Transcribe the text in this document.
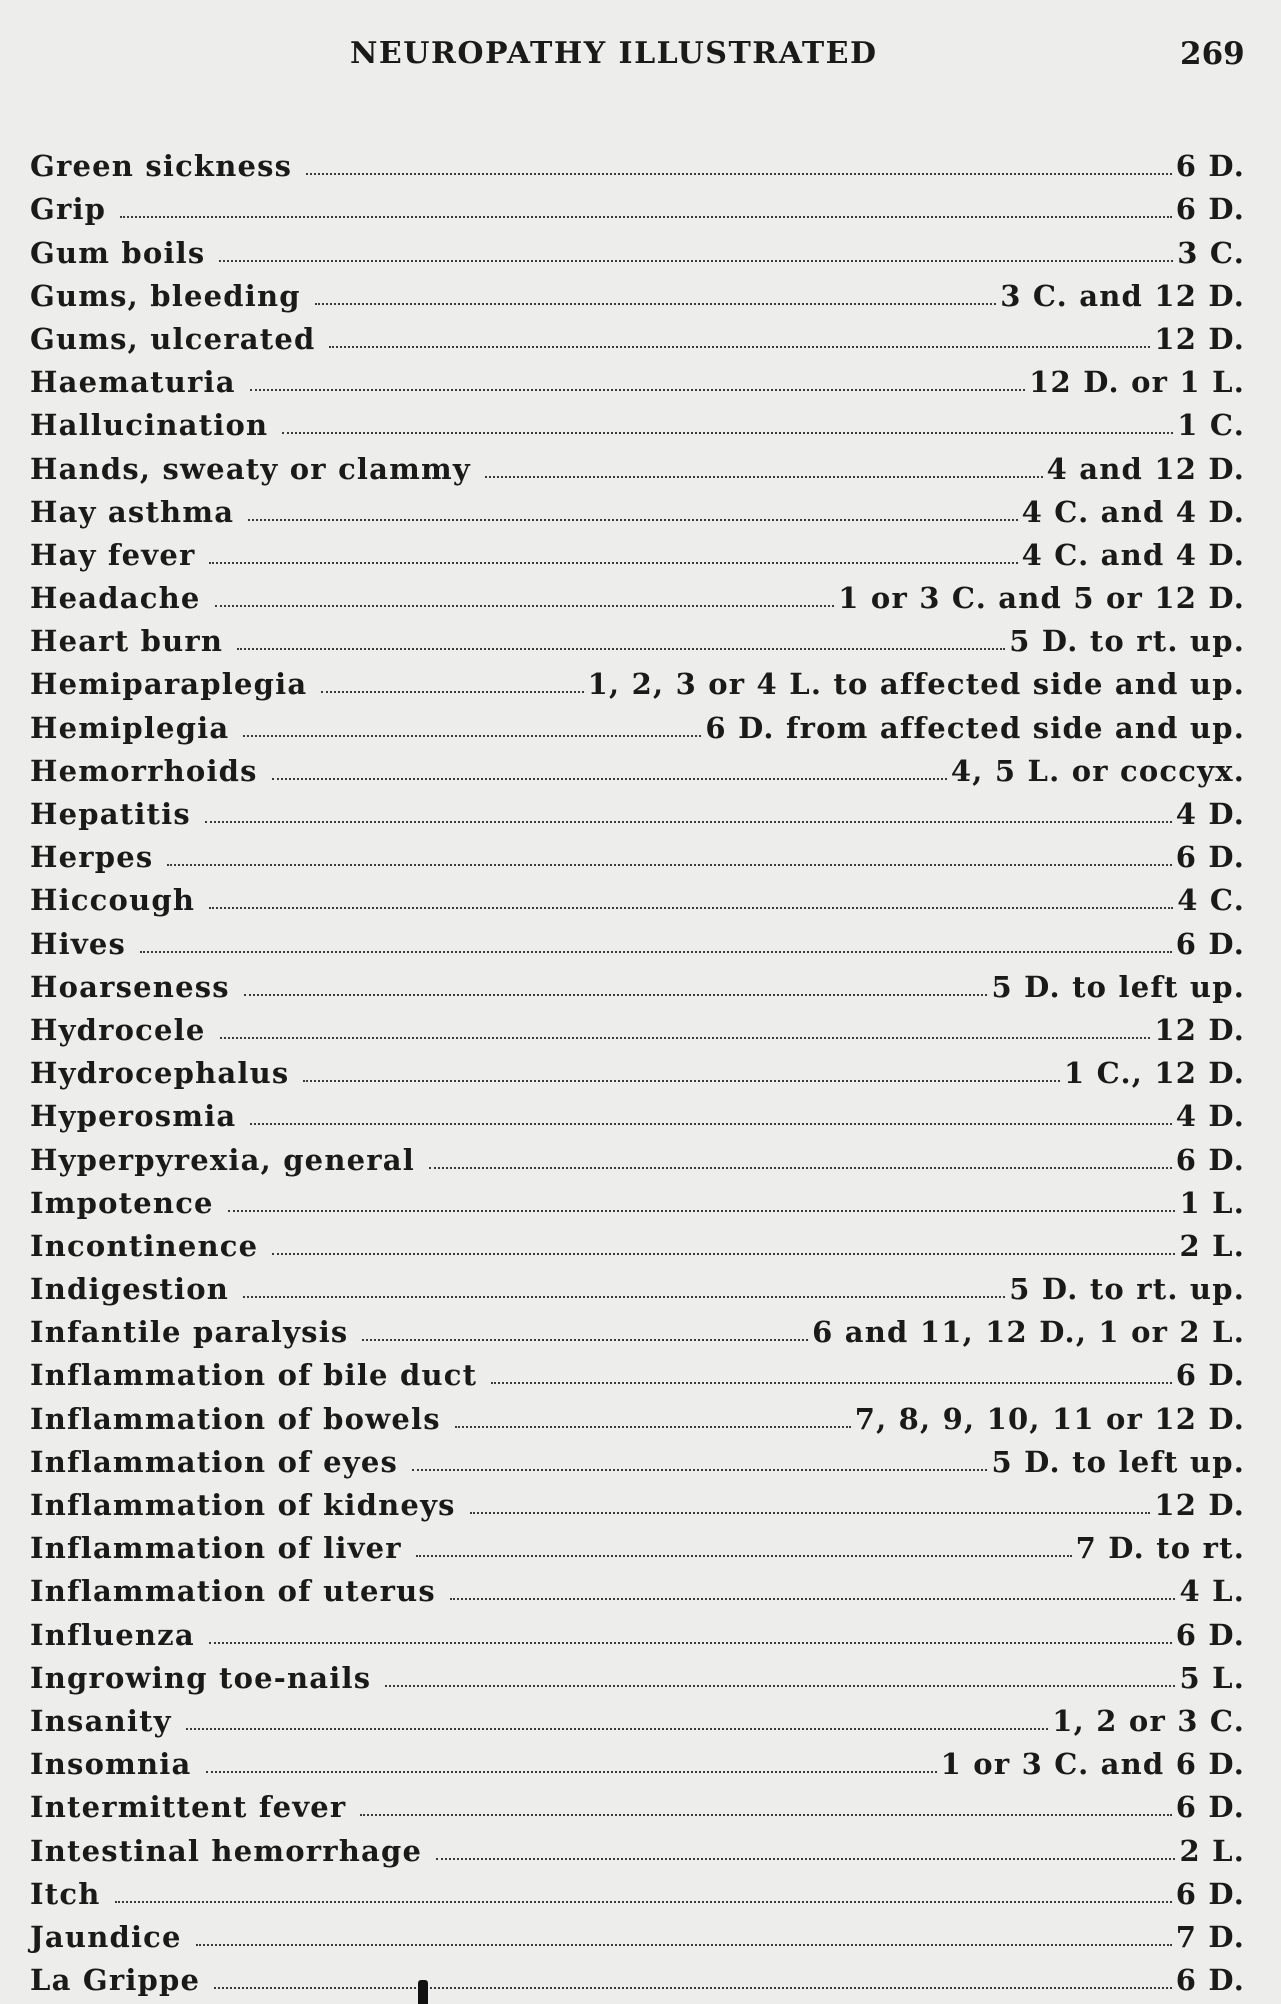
NEUROPATHY ILLUSTRATED	269
Green sickness	6 D.
Grip	6 D.
Gum boils	3 C.
Gums, bleeding	3 C. and 12 D.
Gums, ulcerated	12 D.
Haematuria	12 D. or 1 L.
Hallucination	1 C.
Hands, sweaty or clammy	4 and 12 D.
Hay asthma	4 C. and 4 D.
Hay fever	4 C. and 4 D.
Headache	1 or 3 C. and 5 or 12 D.
Heart burn	5 D. to rt. up.
Hemiparaplegia	1, 2, 3 or 4 L. to affected side and up.
Hemiplegia	6 D. from affected side and up.
Hemorrhoids	4, 5 L. or coccyx.
Hepatitis	4 D.
Herpes	6 D.
Hiccough	4 C.
Hives	6 D.
Hoarseness	5 D. to left up.
Hydrocele	12 D.
Hydrocephalus	1 C., 12 D.
Hyperosmia	4 D.
Hyperpyrexia, general	6 D.
Impotence	1 L.
Incontinence	2 L.
Indigestion	5 D. to rt. up.
Infantile paralysis	6 and 11, 12 D., 1 or 2 L.
Inflammation of bile duct	6 D.
Inflammation of bowels	7, 8, 9, 10, 11 or 12 D.
Inflammation of eyes	5 D. to left up.
Inflammation of kidneys	12 D.
Inflammation of liver	7 D. to rt.
Inflammation of uterus	4 L.
Influenza	6 D.
Ingrowing toe-nails	5 L.
Insanity	1, 2 or 3 C.
Insomnia	1 or 3 C. and 6 D.
Intermittent fever	6 D.
Intestinal hemorrhage	2 L.
Itch	6 D.
Jaundice	7 D.
La Grippe	6 D.
